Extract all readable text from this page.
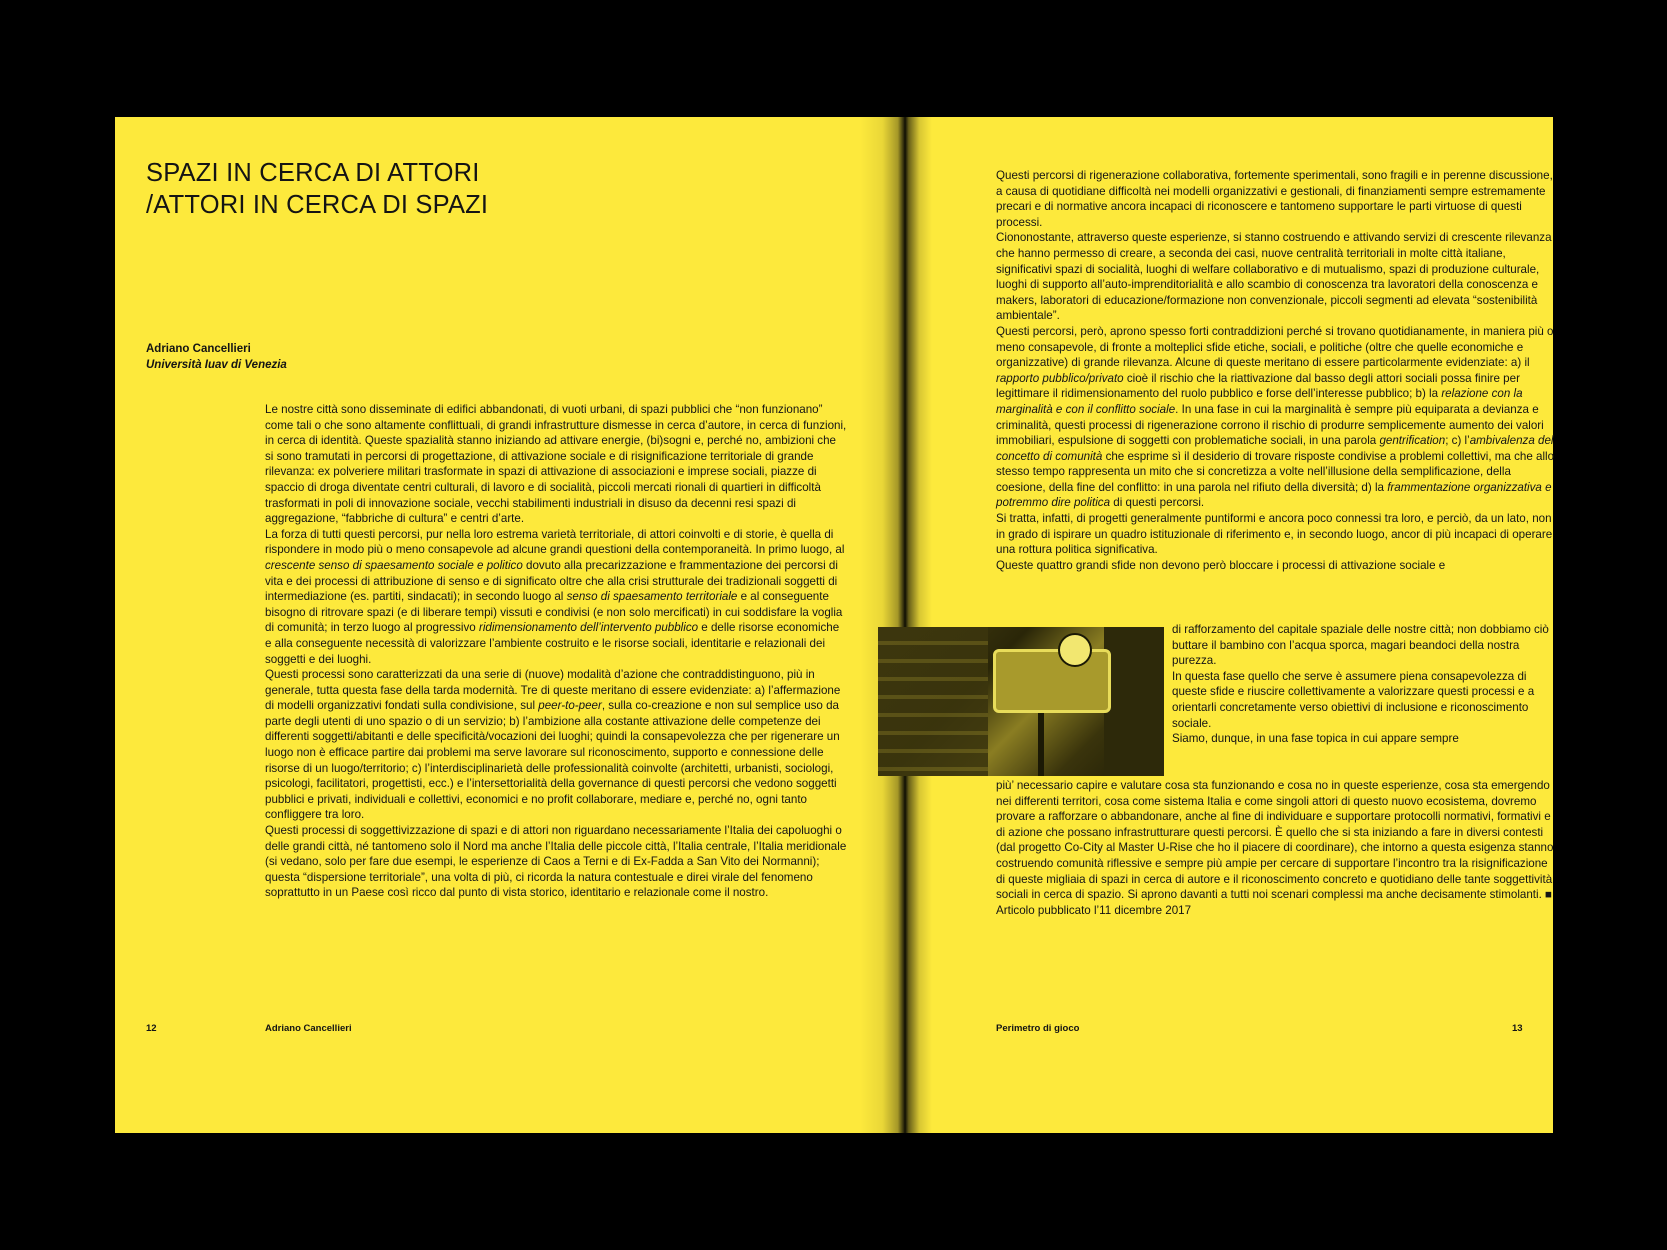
SPAZI IN CERCA DI ATTORI
/ATTORI IN CERCA DI SPAZI
Adriano Cancellieri
Università Iuav di Venezia

Le nostre città sono disseminate di edifici abbandonati, di vuoti urbani, di spazi pubblici che “non funzionano” come tali o che sono altamente conflittuali, di grandi infrastrutture dismesse in cerca d’autore, in cerca di funzioni, in cerca di identità. Queste spazialità stanno iniziando ad attivare energie, (bi)sogni e, perché no, ambizioni che si sono tramutati in percorsi di progettazione, di attivazione sociale e di risignificazione territoriale di grande rilevanza: ex polveriere militari trasformate in spazi di attivazione di associazioni e imprese sociali, piazze di spaccio di droga diventate centri culturali, di lavoro e di socialità, piccoli mercati rionali di quartieri in difficoltà trasformati in poli di innovazione sociale, vecchi stabilimenti industriali in disuso da decenni resi spazi di aggregazione, “fabbriche di cultura” e centri d’arte.

La forza di tutti questi percorsi, pur nella loro estrema varietà territoriale, di attori coinvolti e di storie, è quella di rispondere in modo più o meno consapevole ad alcune grandi questioni della contemporaneità. In primo luogo, al crescente senso di spaesamento sociale e politico dovuto alla precarizzazione e frammentazione dei percorsi di vita e dei processi di attribuzione di senso e di significato oltre che alla crisi strutturale dei tradizionali soggetti di intermediazione (es. partiti, sindacati); in secondo luogo al senso di spaesamento territoriale e al conseguente bisogno di ritrovare spazi (e di liberare tempi) vissuti e condivisi (e non solo mercificati) in cui soddisfare la voglia di comunità; in terzo luogo al progressivo ridimensionamento dell’intervento pubblico e delle risorse economiche e alla conseguente necessità di valorizzare l’ambiente costruito e le risorse sociali, identitarie e relazionali dei soggetti e dei luoghi.

Questi processi sono caratterizzati da una serie di (nuove) modalità d’azione che contraddistinguono, più in generale, tutta questa fase della tarda modernità. Tre di queste meritano di essere evidenziate: a) l’affermazione di modelli organizzativi fondati sulla condivisione, sul peer-to-peer, sulla co-creazione e non sul semplice uso da parte degli utenti di uno spazio o di un servizio; b) l’ambizione alla costante attivazione delle competenze dei differenti soggetti/abitanti e delle specificità/vocazioni dei luoghi; quindi la consapevolezza che per rigenerare un luogo non è efficace partire dai problemi ma serve lavorare sul riconoscimento, supporto e connessione delle risorse di un luogo/territorio; c) l’interdisciplinarietà delle professionalità coinvolte (architetti, urbanisti, sociologi, psicologi, facilitatori, progettisti, ecc.) e l’intersettorialità della governance di questi percorsi che vedono soggetti pubblici e privati, individuali e collettivi, economici e no profit collaborare, mediare e, perché no, ogni tanto confliggere tra loro.

Questi processi di soggettivizzazione di spazi e di attori non riguardano necessariamente l’Italia dei capoluoghi o delle grandi città, né tantomeno solo il Nord ma anche l’Italia delle piccole città, l’Italia centrale, l’Italia meridionale (si vedano, solo per fare due esempi, le esperienze di Caos a Terni e di Ex-Fadda a San Vito dei Normanni); questa “dispersione territoriale”, una volta di più, ci ricorda la natura contestuale e direi virale del fenomeno soprattutto in un Paese così ricco dal punto di vista storico, identitario e relazionale come il nostro.

12	Adriano Cancellieri

Questi percorsi di rigenerazione collaborativa, fortemente sperimentali, sono fragili e in perenne discussione, a causa di quotidiane difficoltà nei modelli organizzativi e gestionali, di finanziamenti sempre estremamente precari e di normative ancora incapaci di riconoscere e tantomeno supportare le parti virtuose di questi processi.

Ciononostante, attraverso queste esperienze, si stanno costruendo e attivando servizi di crescente rilevanza che hanno permesso di creare, a seconda dei casi, nuove centralità territoriali in molte città italiane, significativi spazi di socialità, luoghi di welfare collaborativo e di mutualismo, spazi di produzione culturale, luoghi di supporto all’auto-imprenditorialità e allo scambio di conoscenza tra lavoratori della conoscenza e makers, laboratori di educazione/formazione non convenzionale, piccoli segmenti ad elevata “sostenibilità ambientale”.

Questi percorsi, però, aprono spesso forti contraddizioni perché si trovano quotidianamente, in maniera più o meno consapevole, di fronte a molteplici sfide etiche, sociali, e politiche (oltre che quelle economiche e organizzative) di grande rilevanza. Alcune di queste meritano di essere particolarmente evidenziate: a) il rapporto pubblico/privato cioè il rischio che la riattivazione dal basso degli attori sociali possa finire per legittimare il ridimensionamento del ruolo pubblico e forse dell’interesse pubblico; b) la relazione con la marginalità e con il conflitto sociale. In una fase in cui la marginalità è sempre più equiparata a devianza e criminalità, questi processi di rigenerazione corrono il rischio di produrre semplicemente aumento dei valori immobiliari, espulsione di soggetti con problematiche sociali, in una parola gentrification; c) l’ambivalenza del concetto di comunità che esprime sì il desiderio di trovare risposte condivise a problemi collettivi, ma che allo stesso tempo rappresenta un mito che si concretizza a volte nell’illusione della semplificazione, della coesione, della fine del conflitto: in una parola nel rifiuto della diversità; d) la frammentazione organizzativa e potremmo dire politica di questi percorsi.

Si tratta, infatti, di progetti generalmente puntiformi e ancora poco connessi tra loro, e perciò, da un lato, non in grado di ispirare un quadro istituzionale di riferimento e, in secondo luogo, ancor di più incapaci di operare una rottura politica significativa.

Queste quattro grandi sfide non devono però bloccare i processi di attivazione sociale e

di rafforzamento del capitale spaziale delle nostre città; non dobbiamo ciò buttare il bambino con l’acqua sporca, magari beandoci della nostra purezza.

In questa fase quello che serve è assumere piena consapevolezza di queste sfide e riuscire collettivamente a valorizzare questi processi e a orientarli concretamente verso obiettivi di inclusione e riconoscimento sociale.

Siamo, dunque, in una fase topica in cui appare sempre

più’ necessario capire e valutare cosa sta funzionando e cosa no in queste esperienze, cosa sta emergendo nei differenti territori, cosa come sistema Italia e come singoli attori di questo nuovo ecosistema, dovremo provare a rafforzare o abbandonare, anche al fine di individuare e supportare protocolli normativi, formativi e di azione che possano infrastrutturare questi percorsi. È quello che si sta iniziando a fare in diversi contesti (dal progetto Co-City al Master U-Rise che ho il piacere di coordinare), che intorno a questa esigenza stanno costruendo comunità riflessive e sempre più ampie per cercare di supportare l’incontro tra la risignificazione di queste migliaia di spazi in cerca di autore e il riconoscimento concreto e quotidiano delle tante soggettività sociali in cerca di spazio. Si aprono davanti a tutti noi scenari complessi ma anche decisamente stimolanti. ■ Articolo pubblicato l’11 dicembre 2017

Perimetro di gioco	13
